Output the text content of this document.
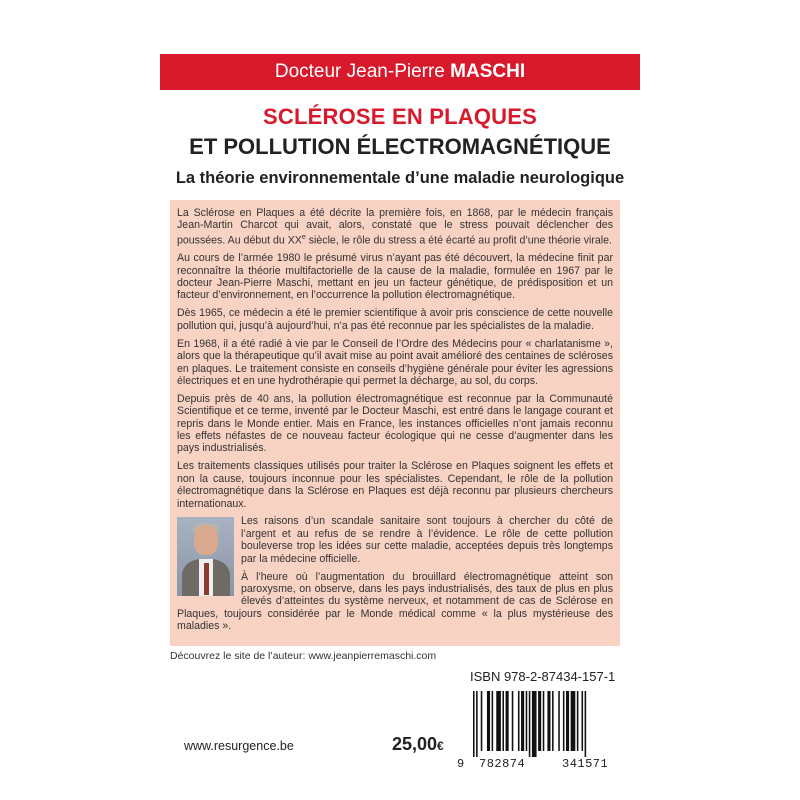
Docteur Jean-Pierre MASCHI
SCLÉROSE EN PLAQUES
ET POLLUTION ÉLECTROMAGNÉTIQUE
La théorie environnementale d’une maladie neurologique

La Sclérose en Plaques a été décrite la première fois, en 1868, par le médecin français Jean-Martin Charcot qui avait, alors, constaté que le stress pouvait déclencher des poussées. Au début du XXe siècle, le rôle du stress a été écarté au profit d’une théorie virale.

Au cours de l’armée 1980 le présumé virus n’ayant pas été découvert, la médecine finit par reconnaître la théorie multifactorielle de la cause de la maladie, formulée en 1967 par le docteur Jean-Pierre Maschi, mettant en jeu un facteur génétique, de prédisposition et un facteur d’environnement, en l’occurrence la pollution électromagnétique.

Dès 1965, ce médecin a été le premier scientifique à avoir pris conscience de cette nouvelle pollution qui, jusqu’à aujourd’hui, n’a pas été reconnue par les spécialistes de la maladie.

En 1968, il a été radié à vie par le Conseil de l’Ordre des Médecins pour « charlatanisme », alors que la thérapeutique qu’il avait mise au point avait amélioré des centaines de scléroses en plaques. Le traitement consiste en conseils d’hygiène générale pour éviter les agressions électriques et en une hydrothérapie qui permet la décharge, au sol, du corps.

Depuis près de 40 ans, la pollution électromagnétique est reconnue par la Communauté Scientifique et ce terme, inventé par le Docteur Maschi, est entré dans le langage courant et repris dans le Monde entier. Mais en France, les instances officielles n’ont jamais reconnu les effets néfastes de ce nouveau facteur écologique qui ne cesse d’augmenter dans les pays industrialisés.

Les traitements classiques utilisés pour traiter la Sclérose en Plaques soignent les effets et non la cause, toujours inconnue pour les spécialistes. Cependant, le rôle de la pollution électromagnétique dans la Sclérose en Plaques est déjà reconnu par plusieurs chercheurs internationaux.

Les raisons d’un scandale sanitaire sont toujours à chercher du côté de l’argent et au refus de se rendre à l’évidence. Le rôle de cette pollution bouleverse trop les idées sur cette maladie, acceptées depuis très longtemps par la médecine officielle.

À l’heure où l’augmentation du brouillard électromagnétique atteint son paroxysme, on observe, dans les pays industrialisés, des taux de plus en plus élevés d’atteintes du système nerveux, et notamment de cas de Sclérose en Plaques, toujours considérée par le Monde médical comme « la plus mystérieuse des maladies ».

Découvrez le site de l’auteur: www.jeanpierremaschi.com
ISBN 978-2-87434-157-1
9 782874	341571
www.resurgence.be	25,00€
